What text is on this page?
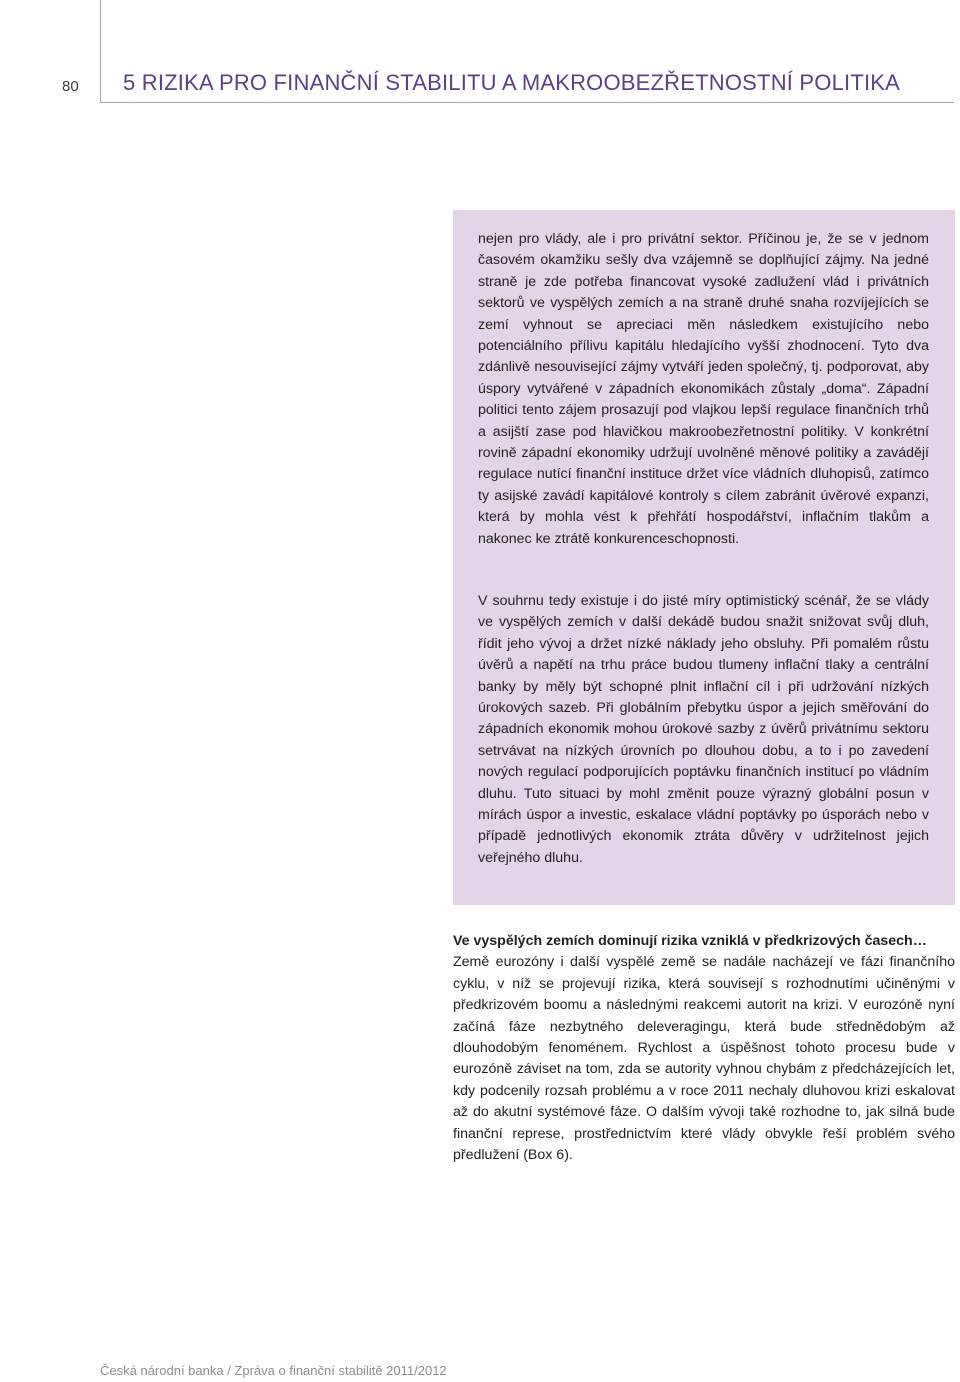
80 5 RIZIKA PRO FINANČNÍ STABILITU A MAKROOBEZŘETNOSTNÍ POLITIKA

nejen pro vlády, ale i pro privátní sektor. Příčinou je, že se v jednom časovém okamžiku sešly dva vzájemně se doplňující zájmy. Na jedné straně je zde potřeba financovat vysoké zadlužení vlád i privátních sektorů ve vyspělých zemích a na straně druhé snaha rozvíjejících se zemí vyhnout se apreciaci měn následkem existujícího nebo potenciálního přílivu kapitálu hledajícího vyšší zhodnocení. Tyto dva zdánlivě nesouvisející zájmy vytváří jeden společný, tj. podporovat, aby úspory vytvářené v západních ekonomikách zůstaly „doma“. Západní politici tento zájem prosazují pod vlajkou lepší regulace finančních trhů a asijští zase pod hlavičkou makroobezřetnostní politiky. V konkrétní rovině západní ekonomiky udržují uvolněné měnové politiky a zavádějí regulace nutící finanční instituce držet více vládních dluhopisů, zatímco ty asijské zavádí kapitálové kontroly s cílem zabránit úvěrové expanzi, která by mohla vést k přehřátí hospodářství, inflačním tlakům a nakonec ke ztrátě konkurenceschopnosti.

V souhrnu tedy existuje i do jisté míry optimistický scénář, že se vlády ve vyspělých zemích v další dekádě budou snažit snižovat svůj dluh, řídit jeho vývoj a držet nízké náklady jeho obsluhy. Při pomalém růstu úvěrů a napětí na trhu práce budou tlumeny inflační tlaky a centrální banky by měly být schopné plnit inflační cíl i při udržování nízkých úrokových sazeb. Při globálním přebytku úspor a jejich směřování do západních ekonomik mohou úrokové sazby z úvěrů privátnímu sektoru setrvávat na nízkých úrovních po dlouhou dobu, a to i po zavedení nových regulací podporujících poptávku finančních institucí po vládním dluhu. Tuto situaci by mohl změnit pouze výrazný globální posun v mírách úspor a investic, eskalace vládní poptávky po úsporách nebo v případě jednotlivých ekonomik ztráta důvěry v udržitelnost jejich veřejného dluhu.

Ve vyspělých zemích dominují rizika vzniklá v předkrizových časech…

Země eurozóny i další vyspělé země se nadále nacházejí ve fázi finančního cyklu, v níž se projevují rizika, která souvisejí s rozhodnutími učiněnými v předkrizovém boomu a následnými reakcemi autorit na krizi. V eurozóně nyní začíná fáze nezbytného deleveragingu, která bude střednědobým až dlouhodobým fenoménem. Rychlost a úspěšnost tohoto procesu bude v eurozóně záviset na tom, zda se autority vyhnou chybám z předcházejících let, kdy podcenily rozsah problému a v roce 2011 nechaly dluhovou krizi eskalovat až do akutní systémové fáze. O dalším vývoji také rozhodne to, jak silná bude finanční represe, prostřednictvím které vlády obvykle řeší problém svého předlužení (Box 6).

Česká národní banka / Zpráva o finanční stabilitě 2011/2012
